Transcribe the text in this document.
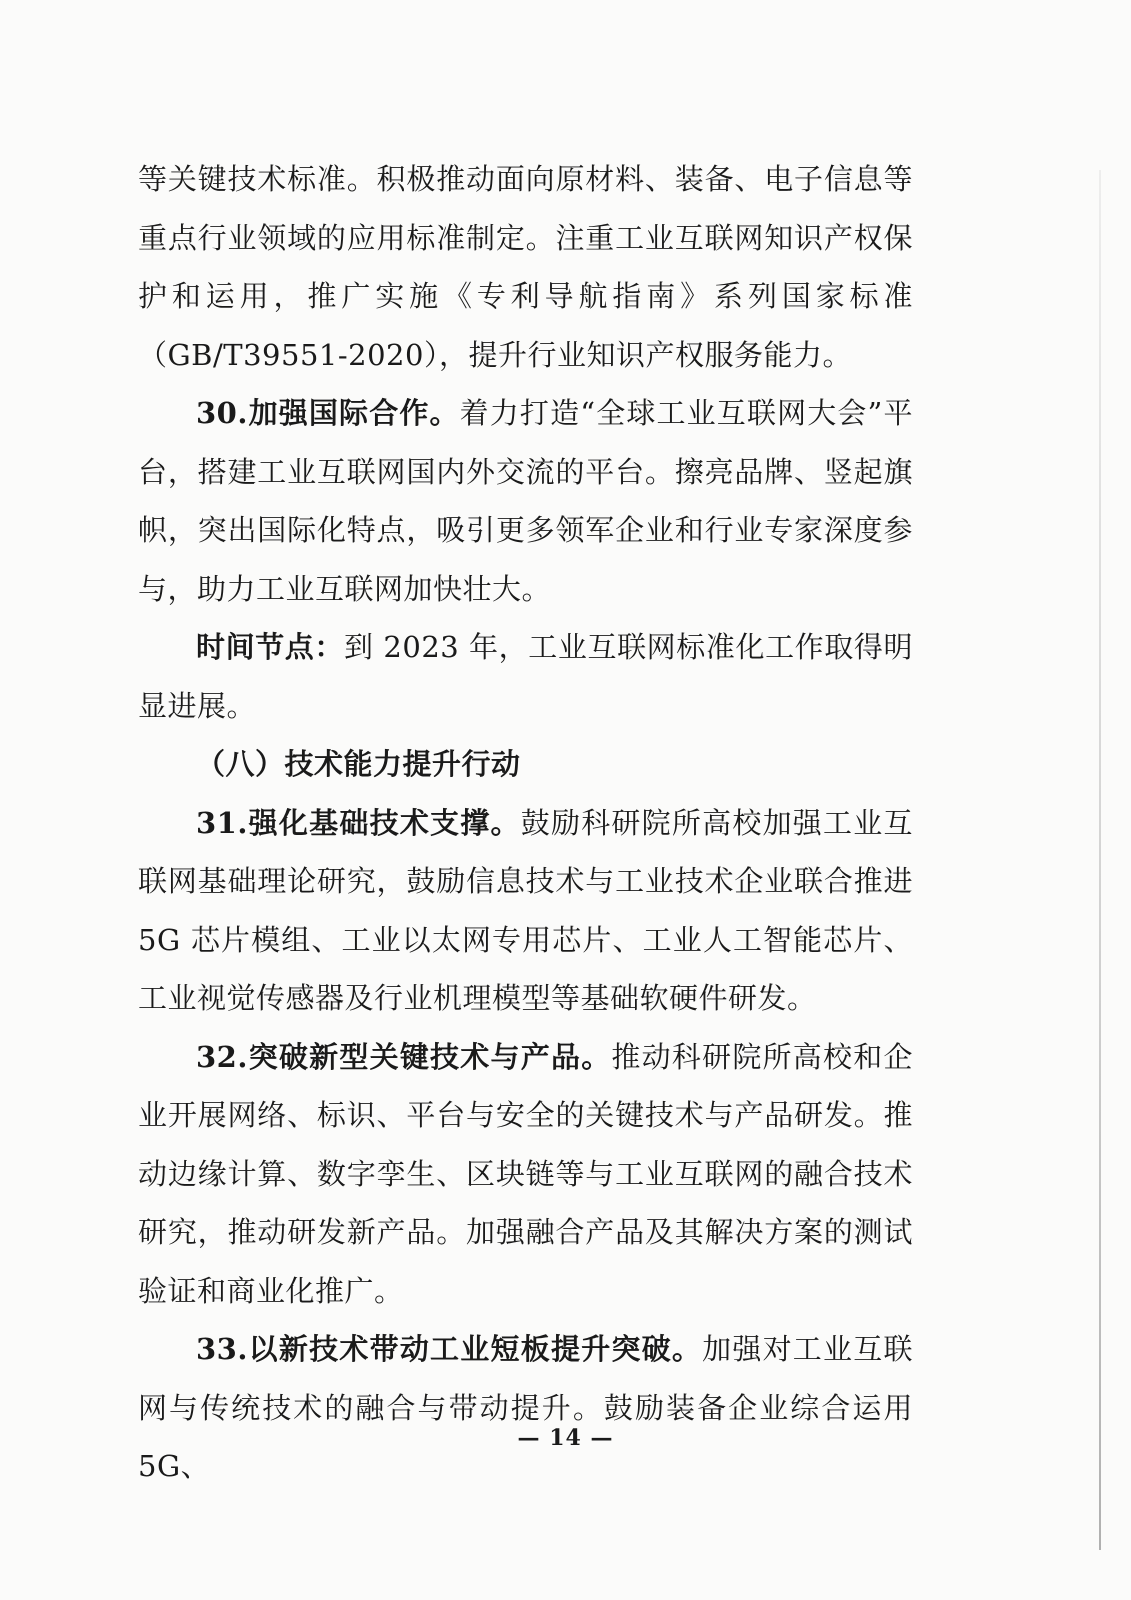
等关键技术标准。积极推动面向原材料、装备、电子信息等重点行业领域的应用标准制定。注重工业互联网知识产权保护和运用，推广实施《专利导航指南》系列国家标准（GB/T39551-2020），提升行业知识产权服务能力。

30.加强国际合作。着力打造“全球工业互联网大会”平台，搭建工业互联网国内外交流的平台。擦亮品牌、竖起旗帜，突出国际化特点，吸引更多领军企业和行业专家深度参与，助力工业互联网加快壮大。

时间节点：到 2023 年，工业互联网标准化工作取得明显进展。

（八）技术能力提升行动

31.强化基础技术支撑。鼓励科研院所高校加强工业互联网基础理论研究，鼓励信息技术与工业技术企业联合推进 5G 芯片模组、工业以太网专用芯片、工业人工智能芯片、工业视觉传感器及行业机理模型等基础软硬件研发。

32.突破新型关键技术与产品。推动科研院所高校和企业开展网络、标识、平台与安全的关键技术与产品研发。推动边缘计算、数字孪生、区块链等与工业互联网的融合技术研究，推动研发新产品。加强融合产品及其解决方案的测试验证和商业化推广。

33.以新技术带动工业短板提升突破。加强对工业互联网与传统技术的融合与带动提升。鼓励装备企业综合运用 5G、

— 14 —
